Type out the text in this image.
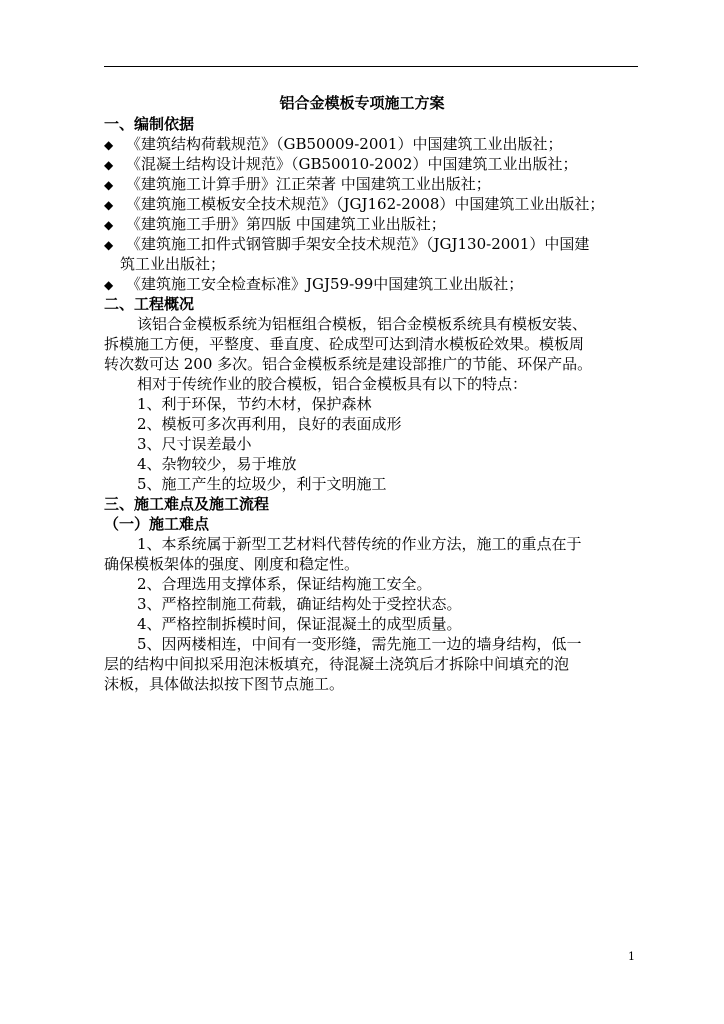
铝合金模板专项施工方案
一、编制依据
◆ 《建筑结构荷载规范》（GB50009-2001）中国建筑工业出版社；
◆ 《混凝土结构设计规范》（GB50010-2002）中国建筑工业出版社；
◆ 《建筑施工计算手册》江正荣著 中国建筑工业出版社；
◆ 《建筑施工模板安全技术规范》（JGJ162-2008）中国建筑工业出版社；
◆ 《建筑施工手册》第四版 中国建筑工业出版社；
◆ 《建筑施工扣件式钢管脚手架安全技术规范》（JGJ130-2001）中国建
筑工业出版社；
◆ 《建筑施工安全检查标准》JGJ59-99中国建筑工业出版社；
二、工程概况
该铝合金模板系统为铝框组合模板，铝合金模板系统具有模板安装、
拆模施工方便，平整度、垂直度、砼成型可达到清水模板砼效果。模板周
转次数可达 200 多次。铝合金模板系统是建设部推广的节能、环保产品。
相对于传统作业的胶合模板，铝合金模板具有以下的特点：
1、利于环保，节约木材，保护森林
2、模板可多次再利用，良好的表面成形
3、尺寸误差最小
4、杂物较少，易于堆放
5、施工产生的垃圾少，利于文明施工
三、施工难点及施工流程
（一）施工难点
1、本系统属于新型工艺材料代替传统的作业方法，施工的重点在于
确保模板架体的强度、刚度和稳定性。
2、合理选用支撑体系，保证结构施工安全。
3、严格控制施工荷载，确证结构处于受控状态。
4、严格控制拆模时间，保证混凝土的成型质量。
5、因两楼相连，中间有一变形缝，需先施工一边的墙身结构，低一
层的结构中间拟采用泡沫板填充，待混凝土浇筑后才拆除中间填充的泡
沫板，具体做法拟按下图节点施工。
1
